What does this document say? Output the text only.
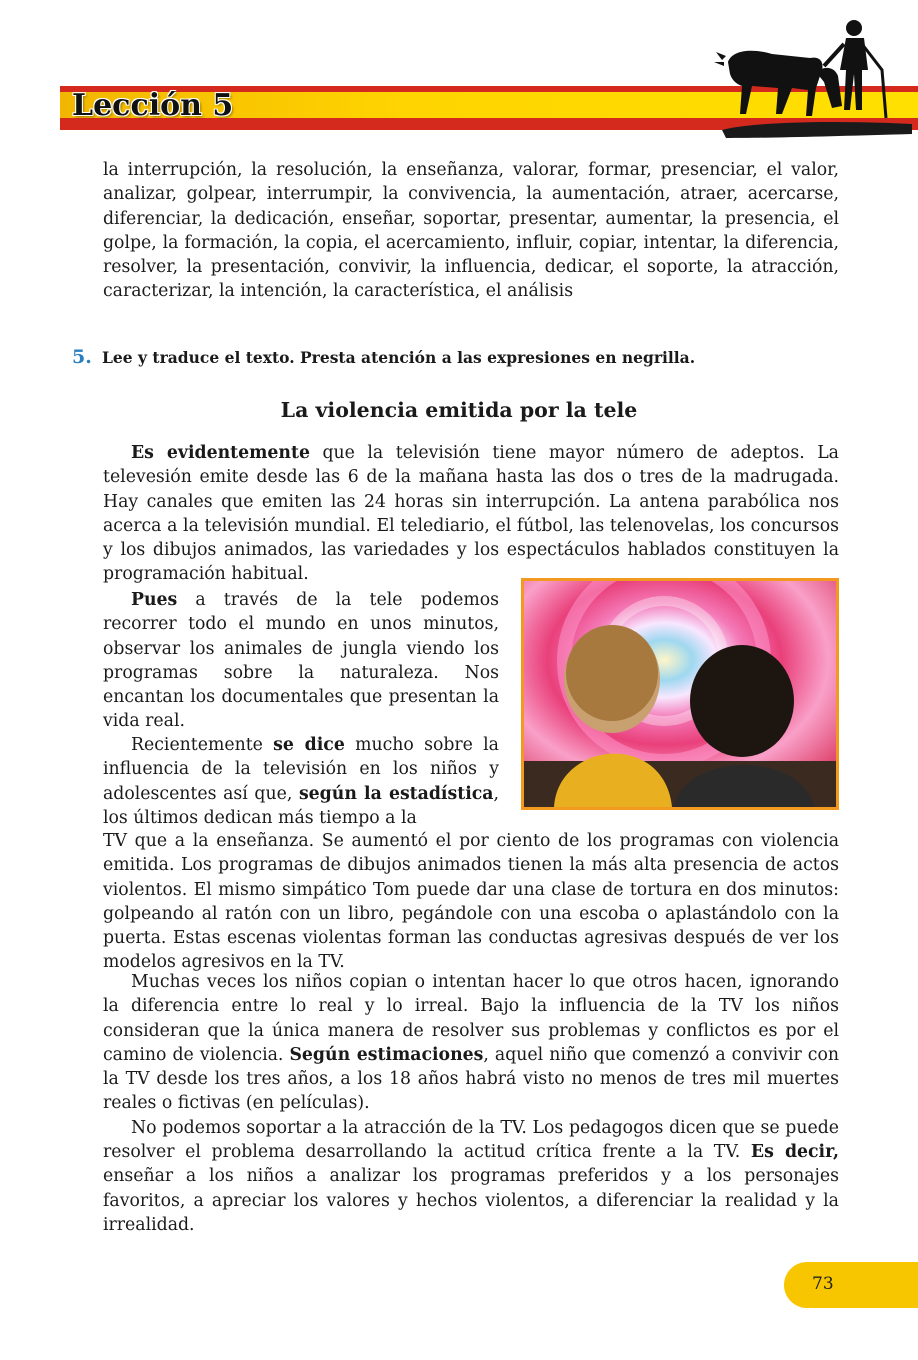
Lección 5

la interrupción, la resolución, la enseñanza, valorar, formar, presenciar, el valor, analizar, golpear, interrumpir, la convivencia, la aumentación, atraer, acercarse, diferenciar, la dedicación, enseñar, soportar, presentar, aumentar, la presencia, el golpe, la formación, la copia, el acercamiento, influir, copiar, intentar, la diferencia, resolver, la presentación, convivir, la influencia, dedicar, el soporte, la atracción, caracterizar, la intención, la característica, el análisis

5. Lee y traduce el texto. Presta atención a las expresiones en negrilla.
La violencia emitida por la tele

Es evidentemente que la televisión tiene mayor número de adeptos. La televesión emite desde las 6 de la mañana hasta las dos o tres de la madrugada. Hay canales que emiten las 24 horas sin interrupción. La antena parabólica nos acerca a la televisión mundial. El telediario, el fútbol, las telenovelas, los concursos y los dibujos animados, las variedades y los espectáculos hablados constituyen la programación habitual.

Pues a través de la tele podemos recorrer todo el mundo en unos minutos, observar los animales de jungla viendo los programas sobre la naturaleza. Nos encantan los documentales que presentan la vida real.

Recientemente se dice mucho sobre la influencia de la televisión en los niños y adolescentes así que, según la estadística, los últimos dedican más tiempo a la

TV que a la enseñanza. Se aumentó el por ciento de los programas con violencia emitida. Los programas de dibujos animados tienen la más alta presencia de actos violentos. El mismo simpático Tom puede dar una clase de tortura en dos minutos: golpeando al ratón con un libro, pegándole con una escoba o aplastándolo con la puerta. Estas escenas violentas forman las conductas agresivas después de ver los modelos agresivos en la TV.

Muchas veces los niños copian o intentan hacer lo que otros hacen, ignorando la diferencia entre lo real y lo irreal. Bajo la influencia de la TV los niños consideran que la única manera de resolver sus problemas y conflictos es por el camino de violencia. Según estimaciones, aquel niño que comenzó a convivir con la TV desde los tres años, a los 18 años habrá visto no menos de tres mil muertes reales o fictivas (en películas).

No podemos soportar a la atracción de la TV. Los pedagogos dicen que se puede resolver el problema desarrollando la actitud crítica frente a la TV. Es decir, enseñar a los niños a analizar los programas preferidos y a los personajes favoritos, a apreciar los valores y hechos violentos, a diferenciar la realidad y la irrealidad.

73
